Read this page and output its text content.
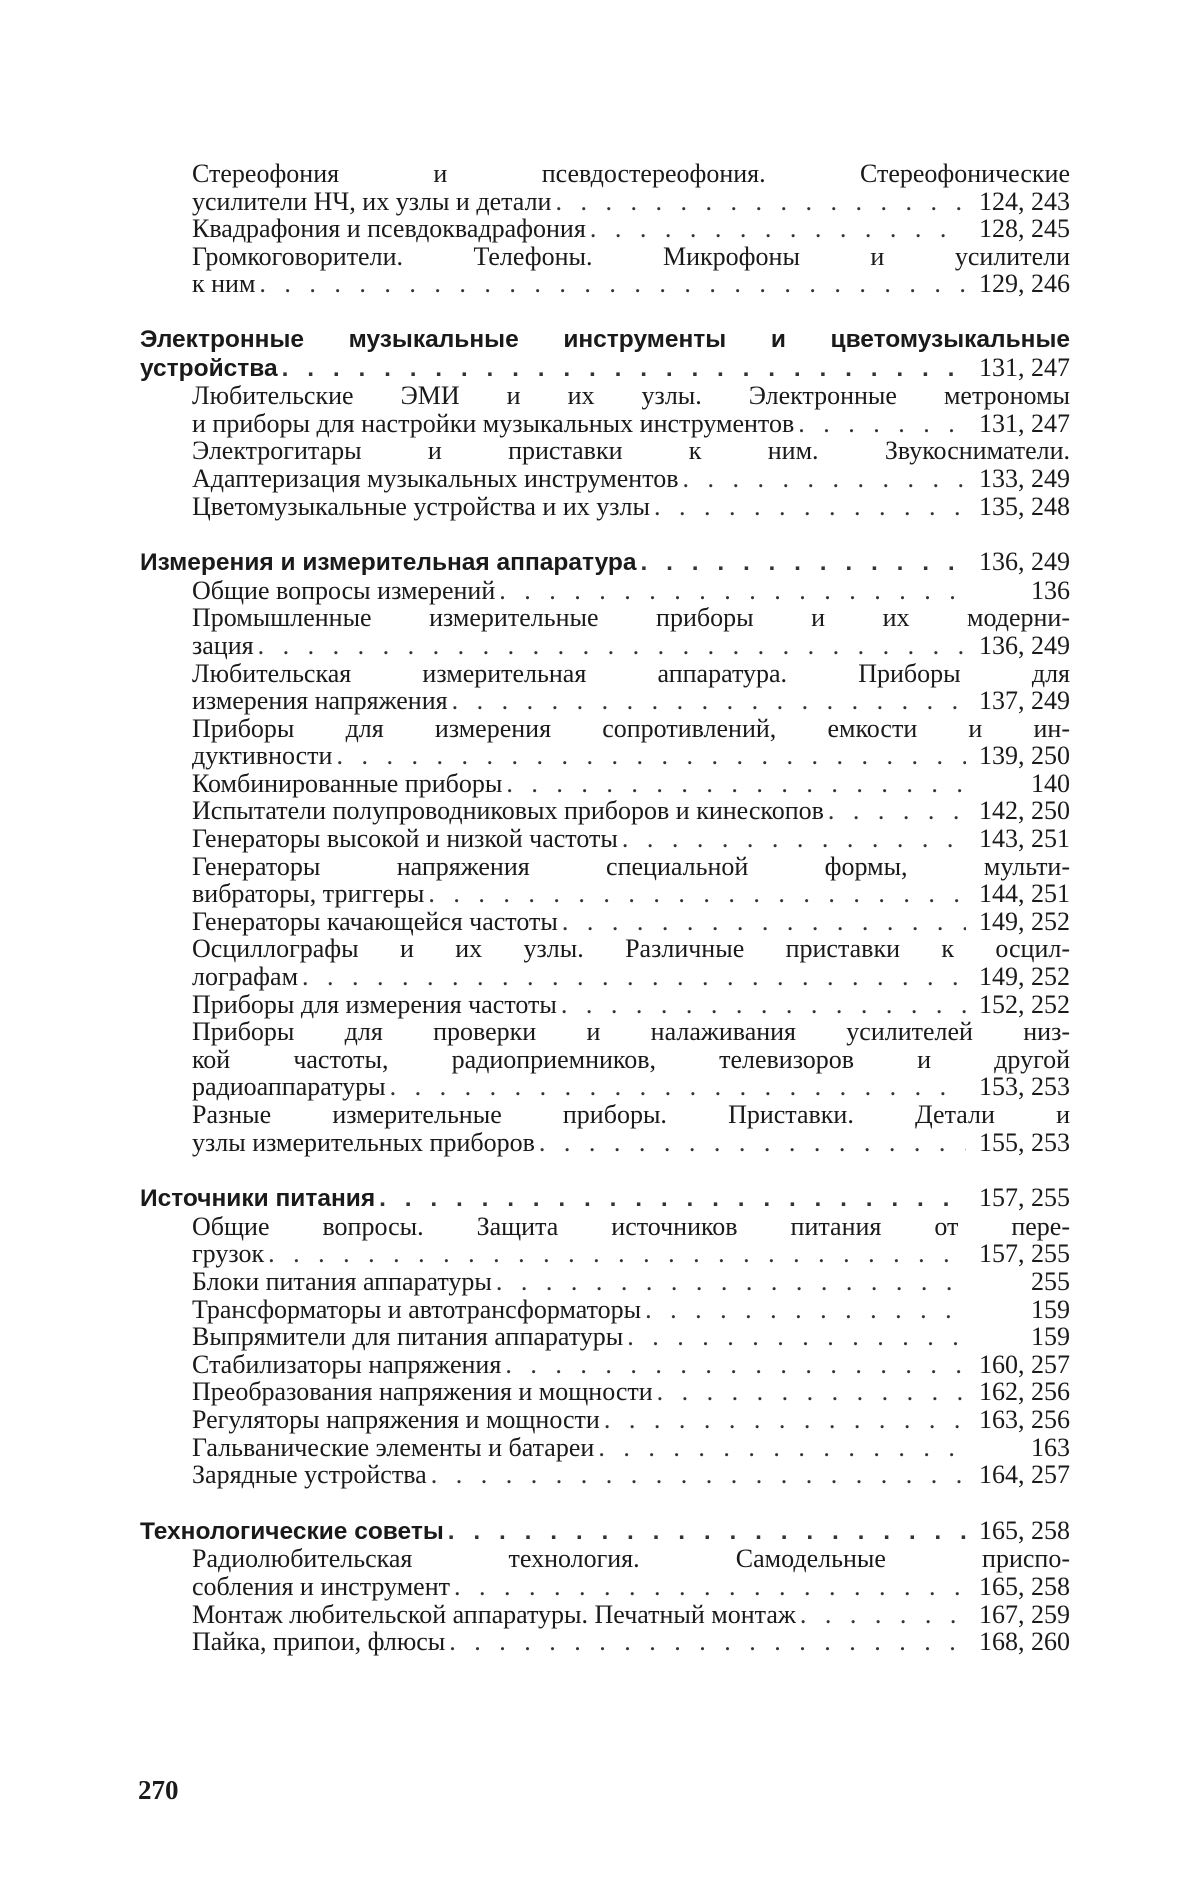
Стереофония и псевдостереофония. Стереофонические
усилители НЧ, их узлы и детали . . .	124, 243
Квадрафония и псевдоквадрафония . . .	128, 245
Громкоговорители. Телефоны. Микрофоны и усилители
к ним . . .	129, 246
Электронные музыкальные инструменты и цветомузыкальные
устройства . . .	131, 247
Любительские ЭМИ и их узлы. Электронные метрономы
и приборы для настройки музыкальных инструментов . . .	131, 247
Электрогитары и приставки к ним. Звукосниматели.
Адаптеризация музыкальных инструментов . . .	133, 249
Цветомузыкальные устройства и их узлы . . .	135, 248
Измерения и измерительная аппаратура . . .	136, 249
Общие вопросы измерений . . .	136
Промышленные измерительные приборы и их модерни-
зация . . .	136, 249
Любительская измерительная аппаратура. Приборы для
измерения напряжения . . .	137, 249
Приборы для измерения сопротивлений, емкости и ин-
дуктивности . . .	139, 250
Комбинированные приборы . . .	140
Испытатели полупроводниковых приборов и кинескопов . . .	142, 250
Генераторы высокой и низкой частоты . . .	143, 251
Генераторы напряжения специальной формы, мульти-
вибраторы, триггеры . . .	144, 251
Генераторы качающейся частоты . . .	149, 252
Осциллографы и их узлы. Различные приставки к осцил-
лографам . . .	149, 252
Приборы для измерения частоты . . .	152, 252
Приборы для проверки и налаживания усилителей низ-
кой частоты, радиоприемников, телевизоров и другой
радиоаппаратуры . . .	153, 253
Разные измерительные приборы. Приставки. Детали и
узлы измерительных приборов . . .	155, 253
Источники питания . . .	157, 255
Общие вопросы. Защита источников питания от пере-
грузок . . .	157, 255
Блоки питания аппаратуры . . .	255
Трансформаторы и автотрансформаторы . . .	159
Выпрямители для питания аппаратуры . . .	159
Стабилизаторы напряжения . . .	160, 257
Преобразования напряжения и мощности . . .	162, 256
Регуляторы напряжения и мощности . . .	163, 256
Гальванические элементы и батареи . . .	163
Зарядные устройства . . .	164, 257
Технологические советы . . .	165, 258
Радиолюбительская технология. Самодельные приспо-
собления и инструмент . . .	165, 258
Монтаж любительской аппаратуры. Печатный монтаж . . .	167, 259
Пайка, припои, флюсы . . .	168, 260
270
